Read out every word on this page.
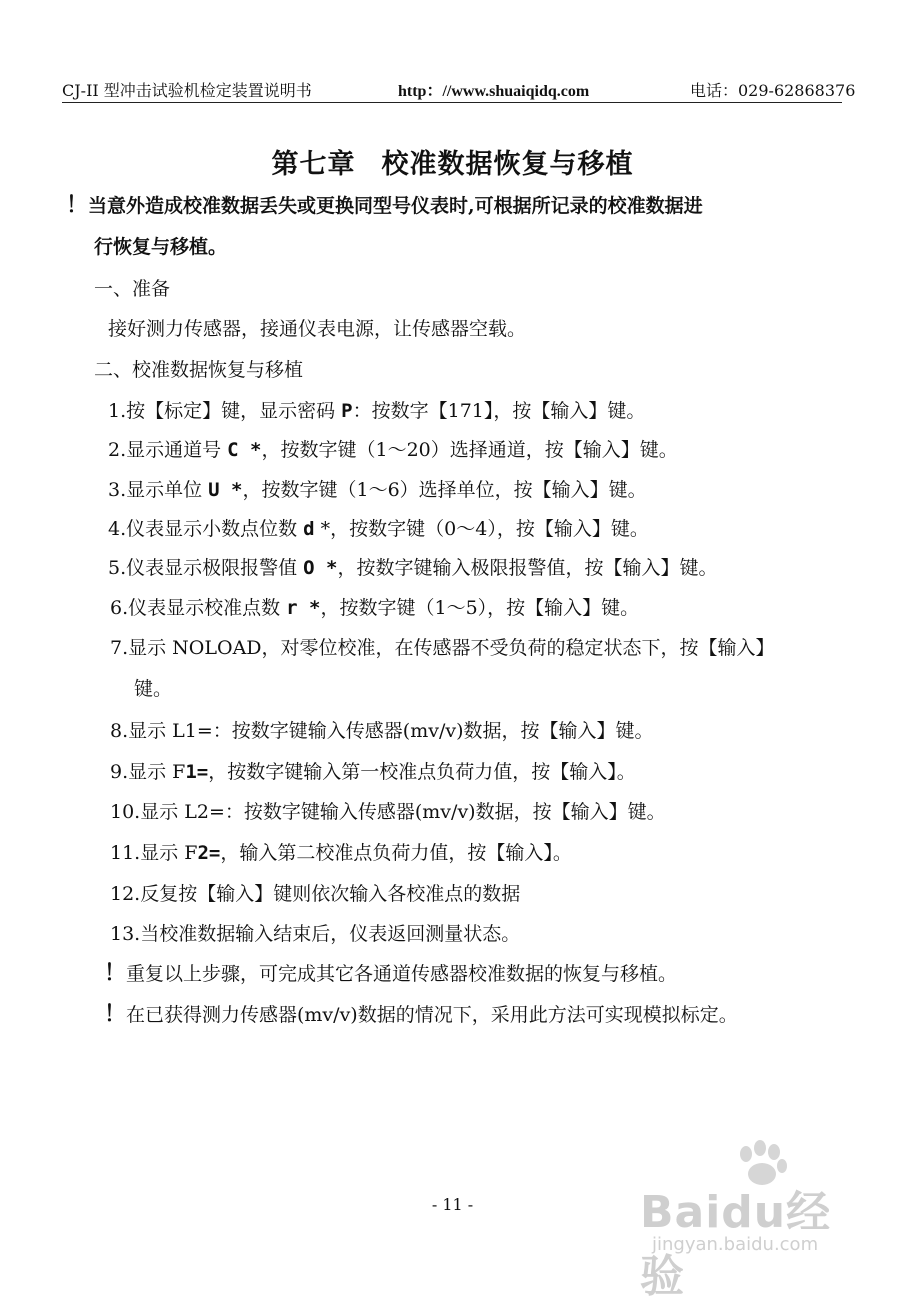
CJ-II 型冲击试验机检定装置说明书	http：//www.shuaiqidq.com	电话：029-62868376
第七章 校准数据恢复与移植
！当意外造成校准数据丢失或更换同型号仪表时,可根据所记录的校准数据进
行恢复与移植。
一、准备
接好测力传感器，接通仪表电源，让传感器空载。
二、校准数据恢复与移植
1.按【标定】键，显示密码 P：按数字【171】，按【输入】键。
2.显示通道号 C *，按数字键（1～20）选择通道，按【输入】键。
3.显示单位 U *，按数字键（1～6）选择单位，按【输入】键。
4.仪表显示小数点位数 d *，按数字键（0～4），按【输入】键。
5.仪表显示极限报警值 O *，按数字键输入极限报警值，按【输入】键。
6.仪表显示校准点数 r *，按数字键（1～5），按【输入】键。
7.显示 NOLOAD，对零位校准，在传感器不受负荷的稳定状态下，按【输入】
键。
8.显示 L1=：按数字键输入传感器(mv/v)数据，按【输入】键。
9.显示 F1=，按数字键输入第一校准点负荷力值，按【输入】。
10.显示 L2=：按数字键输入传感器(mv/v)数据，按【输入】键。
11.显示 F2=，输入第二校准点负荷力值，按【输入】。
12.反复按【输入】键则依次输入各校准点的数据
13.当校准数据输入结束后，仪表返回测量状态。
！重复以上步骤，可完成其它各通道传感器校准数据的恢复与移植。
！在已获得测力传感器(mv/v)数据的情况下，采用此方法可实现模拟标定。
- 11 -	Baidu经验
jingyan.baidu.com
